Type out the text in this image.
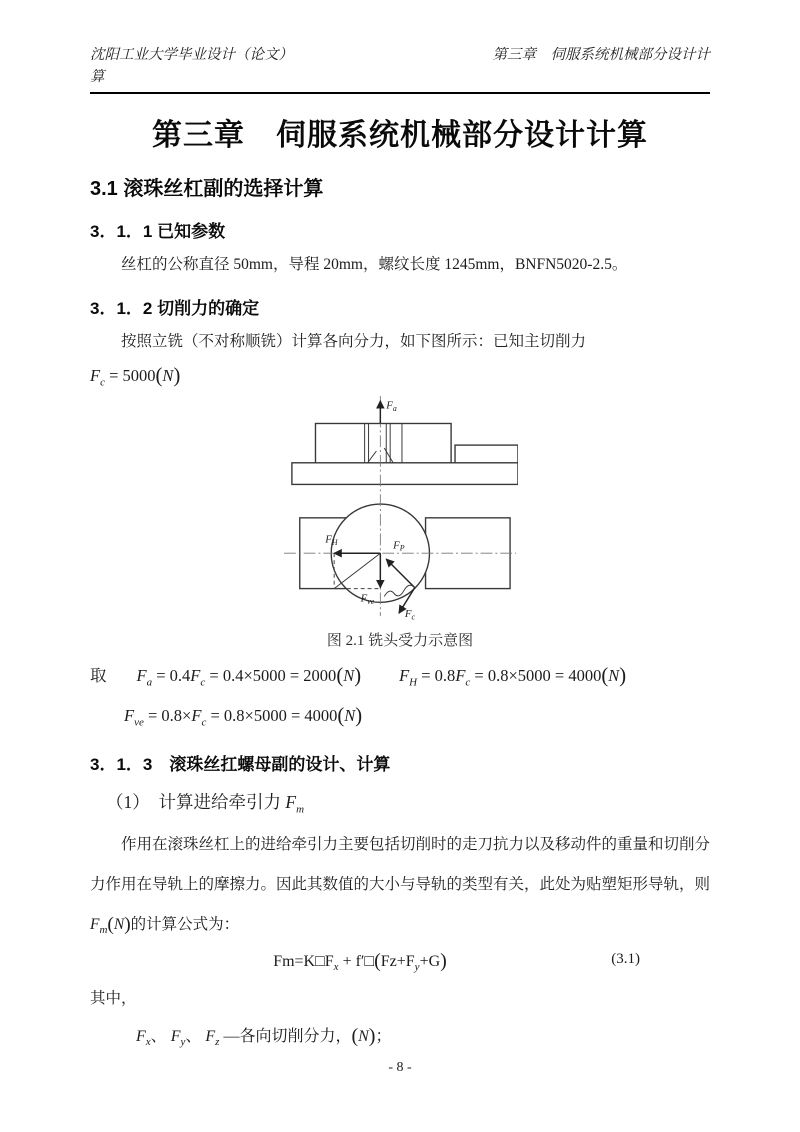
沈阳工业大学毕业设计（论文）	第三章　伺服系统机械部分设计计
算
第三章　伺服系统机械部分设计计算
3.1 滚珠丝杠副的选择计算
3．1．1 已知参数

丝杠的公称直径 50mm，导程 20mm，螺纹长度 1245mm，BNFN5020-2.5。

3．1．2 切削力的确定

按照立铣（不对称顺铣）计算各向分力，如下图所示：已知主切削力

$F_c = 5000(N)$
$F_a$
$F_H$	$F_P$
$F_{ve}$
$F_c$
图 2.1 铣头受力示意图
取 $F_a = 0.4F_c = 0.4\times 5000 = 2000(N) F_H = 0.8F_c = 0.8\times 5000 = 4000(N)$
$F_{ve} = 0.8\times F_c = 0.8\times 5000 = 4000(N)$
3．1．3　滚珠丝扛螺母副的设计、计算
（1）　计算进给牵引力 $F_m$

作用在滚珠丝杠上的进给牵引力主要包括切削时的走刀抗力以及移动件的重量和切削分力作用在导轨上的摩擦力。因此其数值的大小与导轨的类型有关，此处为贴塑矩形导轨，则 $F_m(N)$的计算公式为：

$Fm=K□F_x$ + $f'□(Fz+F_y+G)$	(3.1)

其中，

$F_x$、 $F_y$、 $F_z$ —各向切削分力，(N)；
- 8 -
